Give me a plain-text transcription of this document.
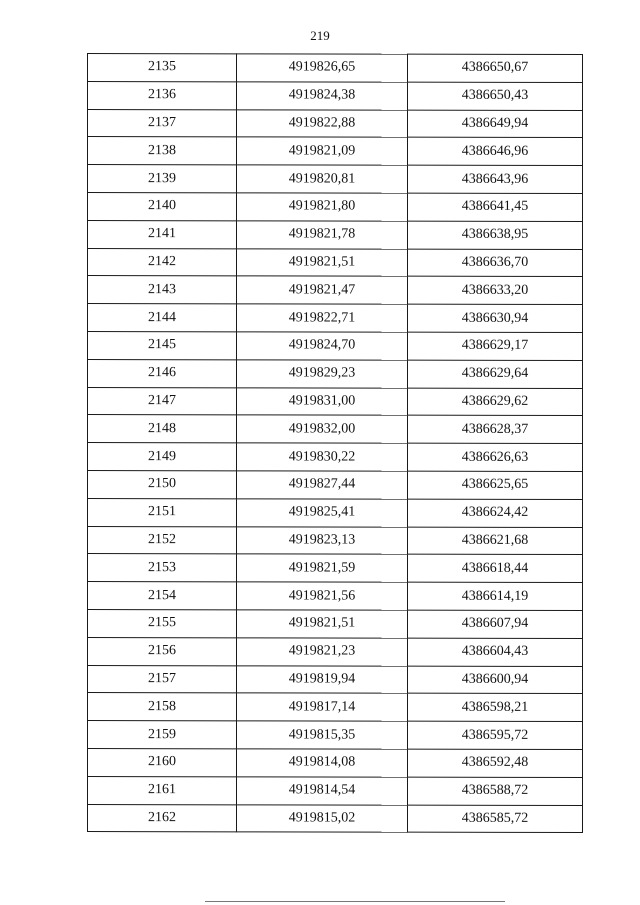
219
2135	4919826,65	4386650,67
2136	4919824,38	4386650,43
2137	4919822,88	4386649,94
2138	4919821,09	4386646,96
2139	4919820,81	4386643,96
2140	4919821,80	4386641,45
2141	4919821,78	4386638,95
2142	4919821,51	4386636,70
2143	4919821,47	4386633,20
2144	4919822,71	4386630,94
2145	4919824,70	4386629,17
2146	4919829,23	4386629,64
2147	4919831,00	4386629,62
2148	4919832,00	4386628,37
2149	4919830,22	4386626,63
2150	4919827,44	4386625,65
2151	4919825,41	4386624,42
2152	4919823,13	4386621,68
2153	4919821,59	4386618,44
2154	4919821,56	4386614,19
2155	4919821,51	4386607,94
2156	4919821,23	4386604,43
2157	4919819,94	4386600,94
2158	4919817,14	4386598,21
2159	4919815,35	4386595,72
2160	4919814,08	4386592,48
2161	4919814,54	4386588,72
2162	4919815,02	4386585,72
